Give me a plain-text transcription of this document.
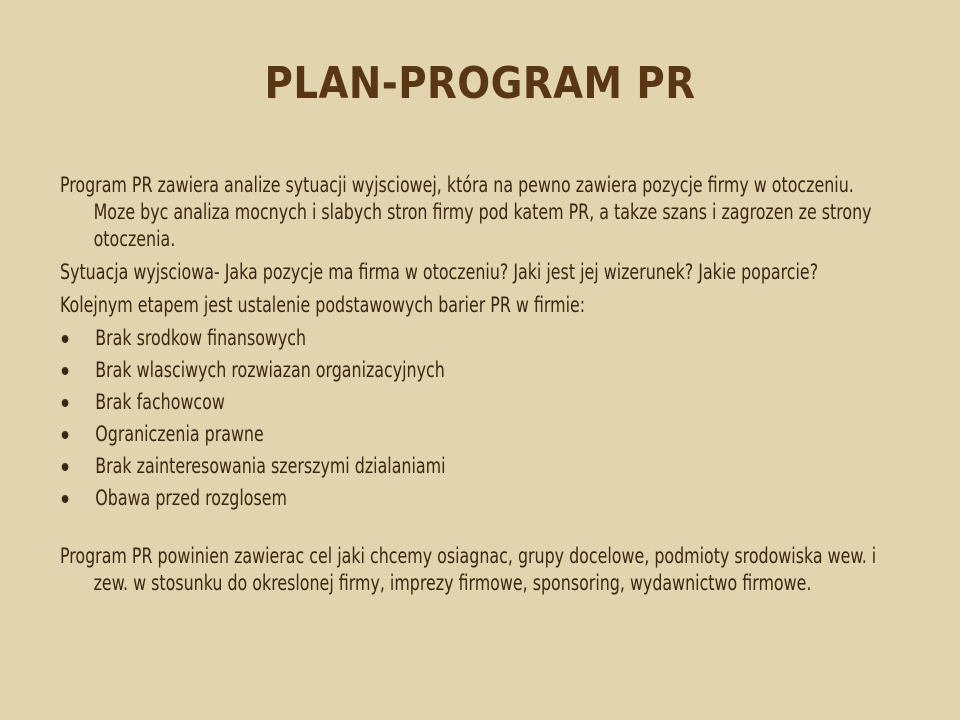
PLAN-PROGRAM PR

Program PR zawiera analize sytuacji wyjsciowej, która na pewno zawiera pozycje firmy w otoczeniu. Moze byc analiza mocnych i slabych stron firmy pod katem PR, a takze szans i zagrozen ze strony otoczenia.

Sytuacja wyjsciowa- Jaka pozycje ma firma w otoczeniu? Jaki jest jej wizerunek? Jakie poparcie?

Kolejnym etapem jest ustalenie podstawowych barier PR w firmie:

Brak srodkow finansowych
Brak wlasciwych rozwiazan organizacyjnych
Brak fachowcow
Ograniczenia prawne
Brak zainteresowania szerszymi dzialaniami
Obawa przed rozglosem

Program PR powinien zawierac cel jaki chcemy osiagnac, grupy docelowe, podmioty srodowiska wew. i zew. w stosunku do okreslonej firmy, imprezy firmowe, sponsoring, wydawnictwo firmowe.
